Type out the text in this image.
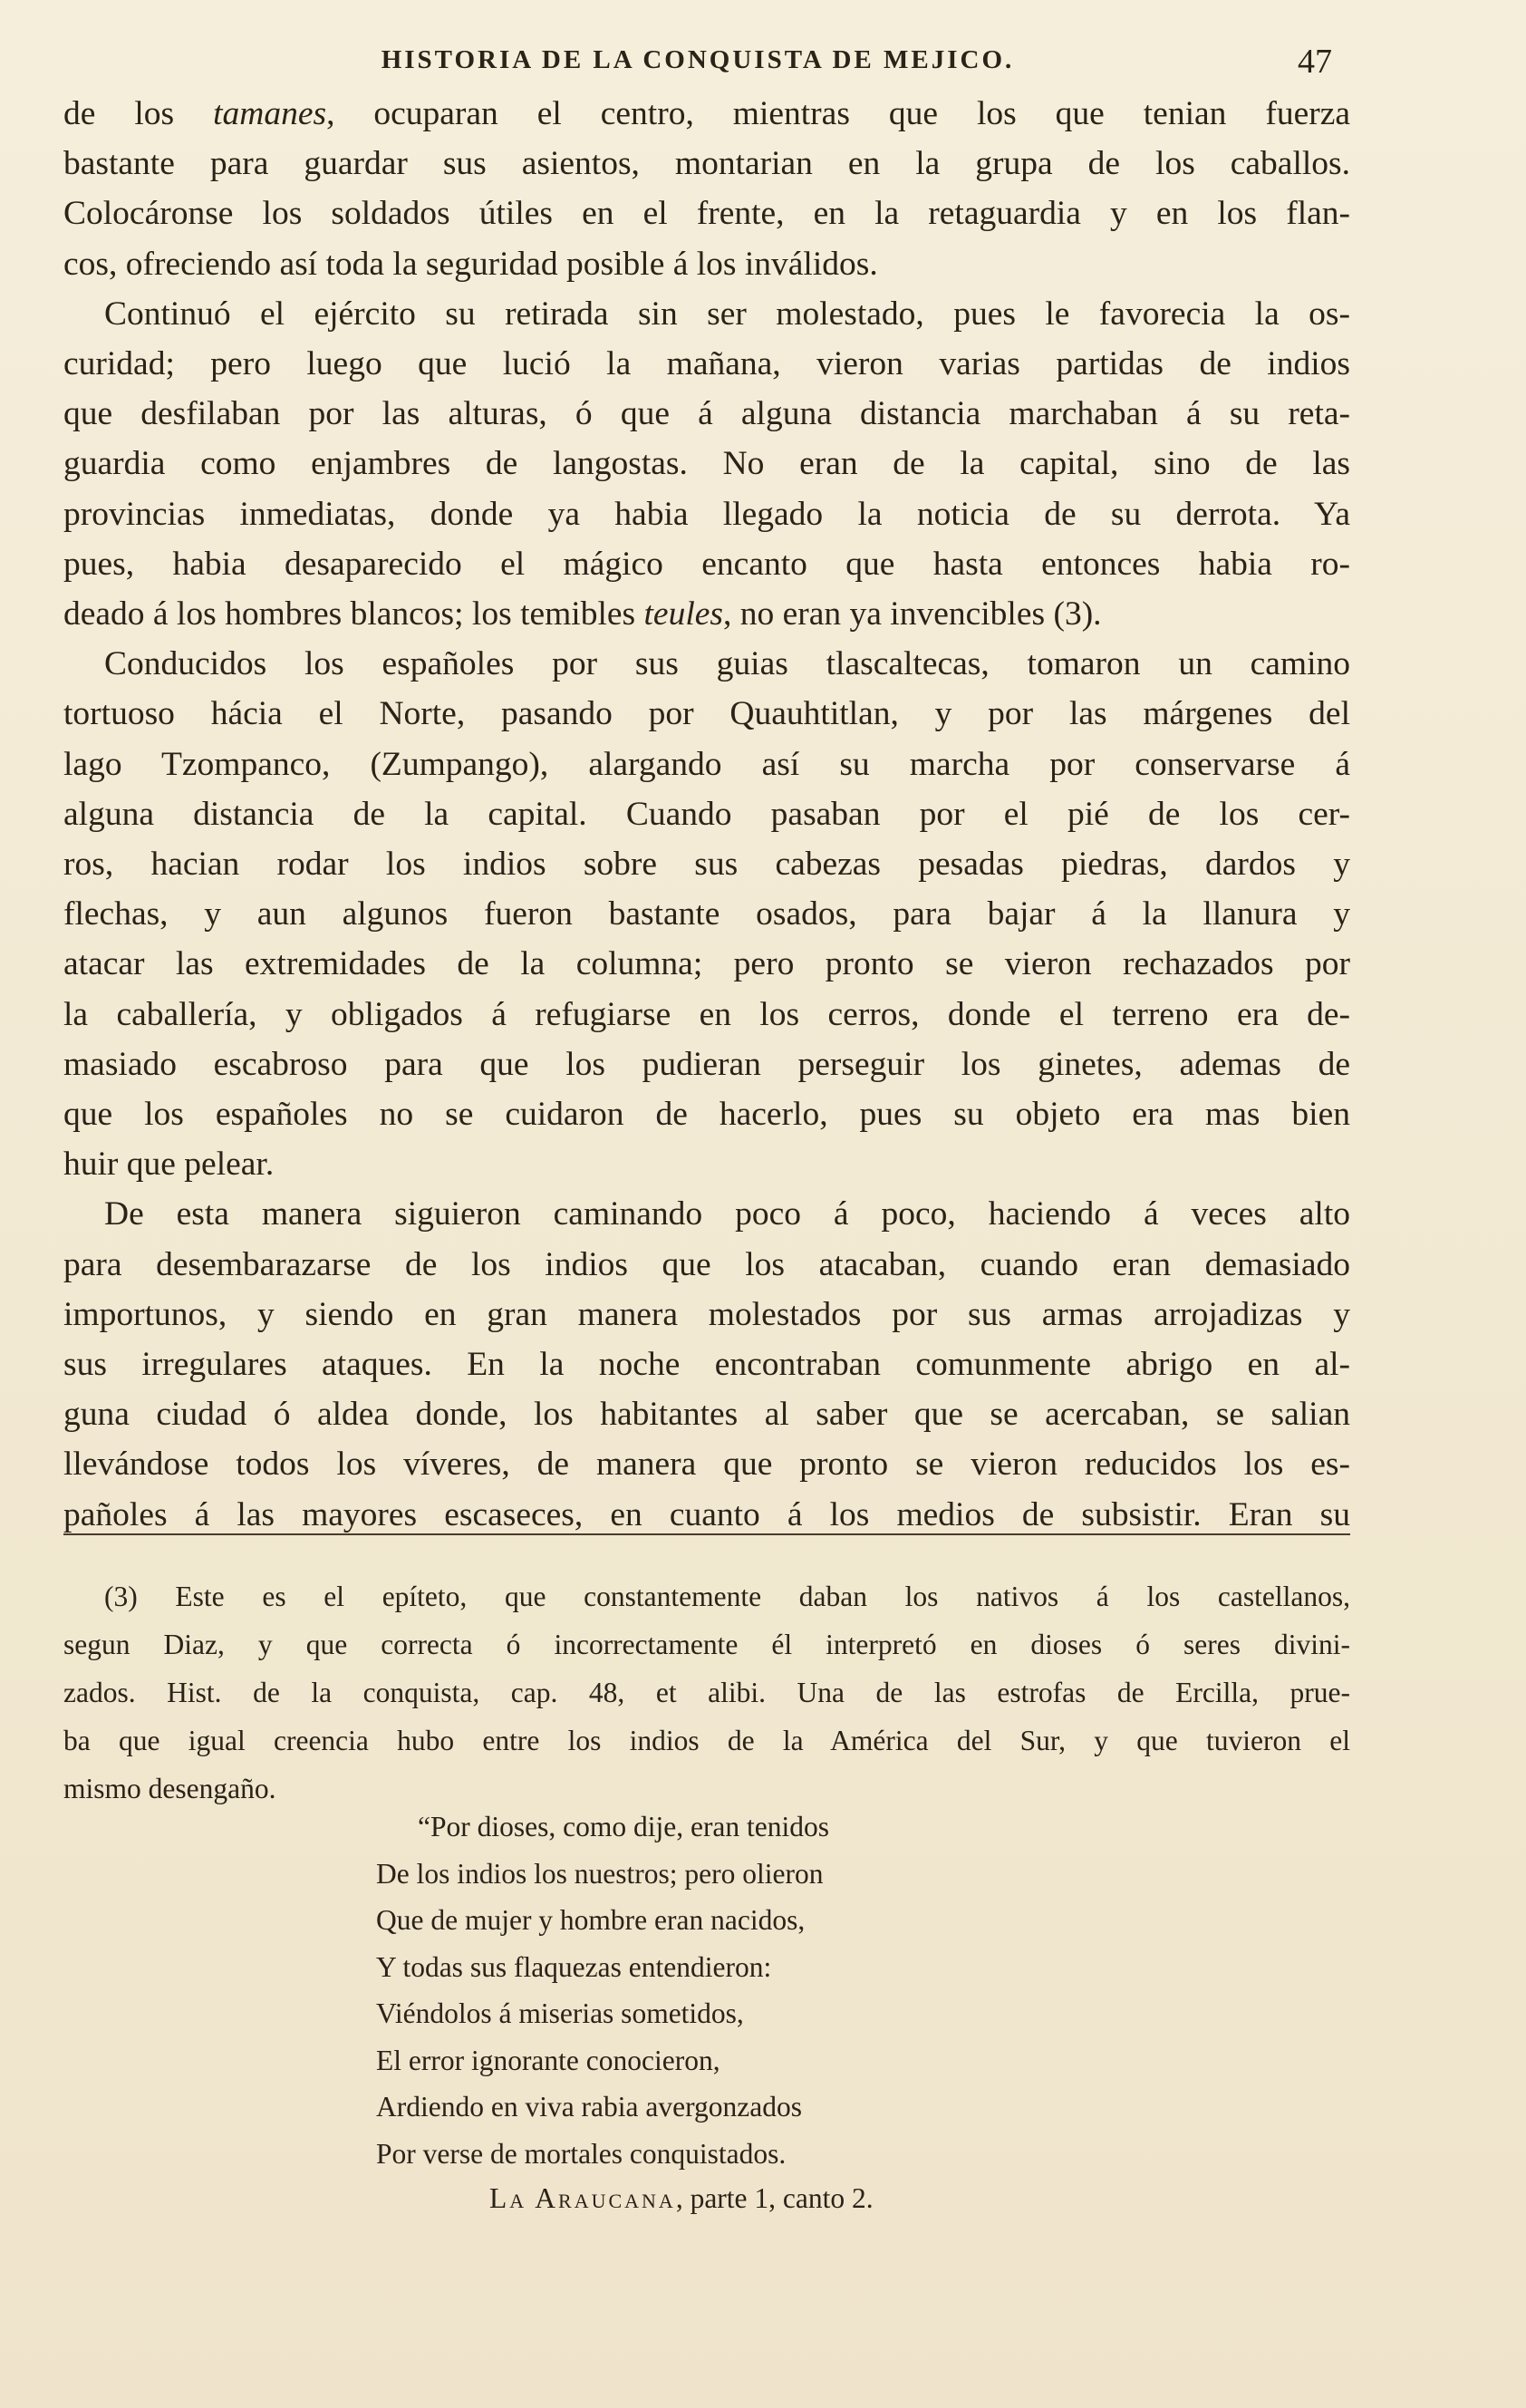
HISTORIA DE LA CONQUISTA DE MEJICO.	47

de los tamanes, ocuparan el centro, mientras que los que tenian fuerza

bastante para guardar sus asientos, montarian en la grupa de los caballos.

Colocáronse los soldados útiles en el frente, en la retaguardia y en los flan-

cos, ofreciendo así toda la seguridad posible á los inválidos.

Continuó el ejército su retirada sin ser molestado, pues le favorecia la os-

curidad; pero luego que lució la mañana, vieron varias partidas de indios

que desfilaban por las alturas, ó que á alguna distancia marchaban á su reta-

guardia como enjambres de langostas. No eran de la capital, sino de las

provincias inmediatas, donde ya habia llegado la noticia de su derrota. Ya

pues, habia desaparecido el mágico encanto que hasta entonces habia ro-

deado á los hombres blancos; los temibles teules, no eran ya invencibles (3).

Conducidos los españoles por sus guias tlascaltecas, tomaron un camino

tortuoso hácia el Norte, pasando por Quauhtitlan, y por las márgenes del

lago Tzompanco, (Zumpango), alargando así su marcha por conservarse á

alguna distancia de la capital. Cuando pasaban por el pié de los cer-

ros, hacian rodar los indios sobre sus cabezas pesadas piedras, dardos y

flechas, y aun algunos fueron bastante osados, para bajar á la llanura y

atacar las extremidades de la columna; pero pronto se vieron rechazados por

la caballería, y obligados á refugiarse en los cerros, donde el terreno era de-

masiado escabroso para que los pudieran perseguir los ginetes, ademas de

que los españoles no se cuidaron de hacerlo, pues su objeto era mas bien

huir que pelear.

De esta manera siguieron caminando poco á poco, haciendo á veces alto

para desembarazarse de los indios que los atacaban, cuando eran demasiado

importunos, y siendo en gran manera molestados por sus armas arrojadizas y

sus irregulares ataques. En la noche encontraban comunmente abrigo en al-

guna ciudad ó aldea donde, los habitantes al saber que se acercaban, se salian

llevándose todos los víveres, de manera que pronto se vieron reducidos los es-

pañoles á las mayores escaseces, en cuanto á los medios de subsistir. Eran su

(3) Este es el epíteto, que constantemente daban los nativos á los castellanos,

segun Diaz, y que correcta ó incorrectamente él interpretó en dioses ó seres divini-

zados. Hist. de la conquista, cap. 48, et alibi. Una de las estrofas de Ercilla, prue-

ba que igual creencia hubo entre los indios de la América del Sur, y que tuvieron el

mismo desengaño.

“Por dioses, como dije, eran tenidos
De los indios los nuestros; pero olieron
Que de mujer y hombre eran nacidos,
Y todas sus flaquezas entendieron:
Viéndolos á miserias sometidos,
El error ignorante conocieron,
Ardiendo en viva rabia avergonzados
Por verse de mortales conquistados.
La Araucana, parte 1, canto 2.
